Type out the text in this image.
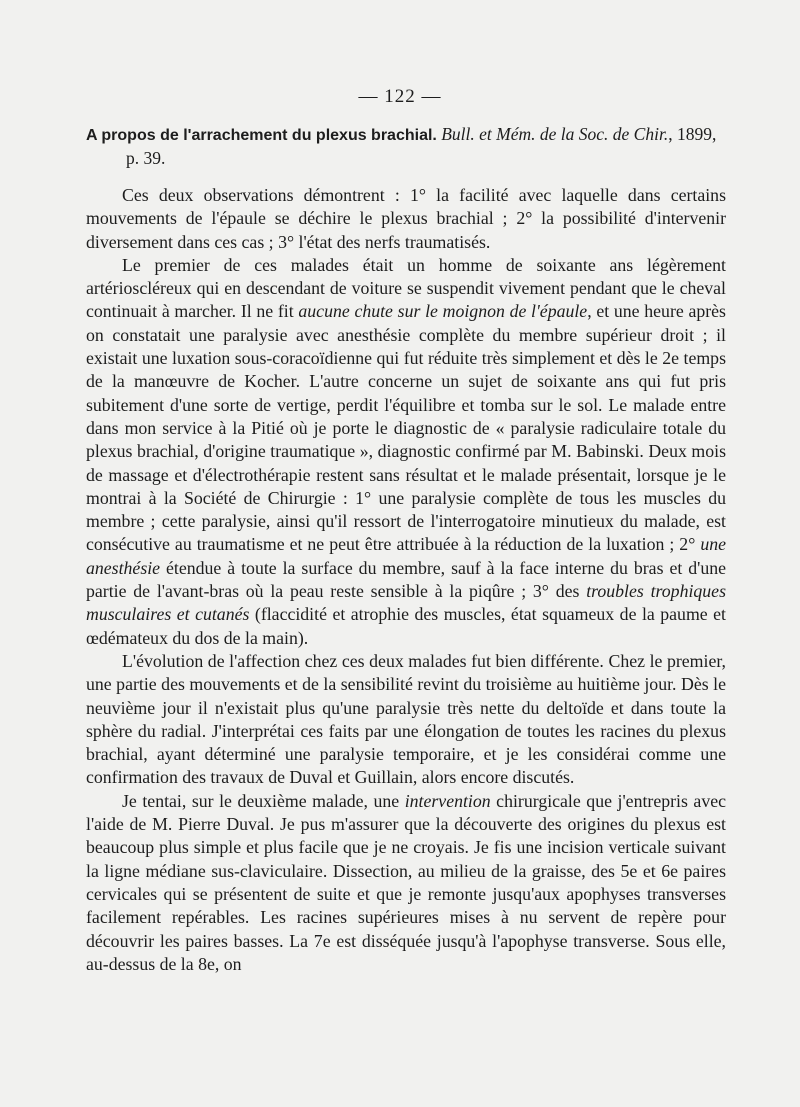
— 122 —
A propos de l'arrachement du plexus brachial. Bull. et Mém. de la Soc. de Chir., 1899,
p. 39.

Ces deux observations démontrent : 1° la facilité avec laquelle dans certains mouvements de l'épaule se déchire le plexus brachial ; 2° la possibilité d'intervenir diversement dans ces cas ; 3° l'état des nerfs traumatisés.

Le premier de ces malades était un homme de soixante ans légèrement artérioscléreux qui en descendant de voiture se suspendit vivement pendant que le cheval continuait à marcher. Il ne fit aucune chute sur le moignon de l'épaule, et une heure après on constatait une paralysie avec anesthésie complète du membre supérieur droit ; il existait une luxation sous-coracoïdienne qui fut réduite très simplement et dès le 2e temps de la manœuvre de Kocher. L'autre concerne un sujet de soixante ans qui fut pris subitement d'une sorte de vertige, perdit l'équilibre et tomba sur le sol. Le malade entre dans mon service à la Pitié où je porte le diagnostic de « paralysie radiculaire totale du plexus brachial, d'origine traumatique », diagnostic confirmé par M. Babinski. Deux mois de massage et d'électrothérapie restent sans résultat et le malade présentait, lorsque je le montrai à la Société de Chirurgie : 1° une paralysie complète de tous les muscles du membre ; cette paralysie, ainsi qu'il ressort de l'interrogatoire minutieux du malade, est consécutive au traumatisme et ne peut être attribuée à la réduction de la luxation ; 2° une anesthésie étendue à toute la surface du membre, sauf à la face interne du bras et d'une partie de l'avant-bras où la peau reste sensible à la piqûre ; 3° des troubles trophiques musculaires et cutanés (flaccidité et atrophie des muscles, état squameux de la paume et œdémateux du dos de la main).

L'évolution de l'affection chez ces deux malades fut bien différente. Chez le premier, une partie des mouvements et de la sensibilité revint du troisième au huitième jour. Dès le neuvième jour il n'existait plus qu'une paralysie très nette du deltoïde et dans toute la sphère du radial. J'interprétai ces faits par une élongation de toutes les racines du plexus brachial, ayant déterminé une paralysie temporaire, et je les considérai comme une confirmation des travaux de Duval et Guillain, alors encore discutés.

Je tentai, sur le deuxième malade, une intervention chirurgicale que j'entrepris avec l'aide de M. Pierre Duval. Je pus m'assurer que la découverte des origines du plexus est beaucoup plus simple et plus facile que je ne croyais. Je fis une incision verticale suivant la ligne médiane sus-claviculaire. Dissection, au milieu de la graisse, des 5e et 6e paires cervicales qui se présentent de suite et que je remonte jusqu'aux apophyses transverses facilement repérables. Les racines supérieures mises à nu servent de repère pour découvrir les paires basses. La 7e est disséquée jusqu'à l'apophyse transverse. Sous elle, au-dessus de la 8e, on
